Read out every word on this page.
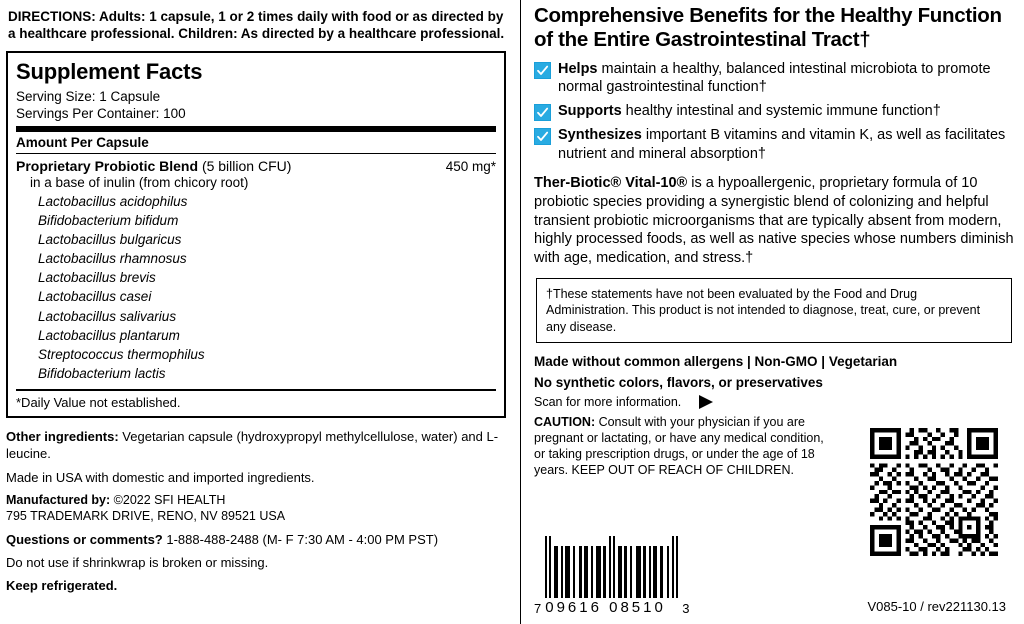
DIRECTIONS: Adults: 1 capsule, 1 or 2 times daily with food or as directed by a healthcare professional. Children: As directed by a healthcare professional.
Supplement Facts
Serving Size: 1 Capsule
Servings Per Container: 100
Amount Per Capsule
Proprietary Probiotic Blend (5 billion CFU)	450 mg*
in a base of inulin (from chicory root)
Lactobacillus acidophilus
Bifidobacterium bifidum
Lactobacillus bulgaricus
Lactobacillus rhamnosus
Lactobacillus brevis
Lactobacillus casei
Lactobacillus salivarius
Lactobacillus plantarum
Streptococcus thermophilus
Bifidobacterium lactis
*Daily Value not established.

Other ingredients: Vegetarian capsule (hydroxypropyl methylcellulose, water) and L-leucine.

Made in USA with domestic and imported ingredients.

Manufactured by: ©2022 SFI HEALTH

795 TRADEMARK DRIVE, RENO, NV 89521 USA

Questions or comments? 1-888-488-2488 (M- F 7:30 AM - 4:00 PM PST)

Do not use if shrinkwrap is broken or missing.

Keep refrigerated.

Comprehensive Benefits for the Healthy Function of the Entire Gastrointestinal Tract†
Helps maintain a healthy, balanced intestinal microbiota to promote normal gastrointestinal function†
Supports healthy intestinal and systemic immune function†
Synthesizes important B vitamins and vitamin K, as well as facilitates nutrient and mineral absorption†
Ther-Biotic® Vital-10® is a hypoallergenic, proprietary formula of 10 probiotic species providing a synergistic blend of colonizing and helpful transient probiotic microorganisms that are typically absent from modern, highly processed foods, as well as native species whose numbers diminish with age, medication, and stress.†
†These statements have not been evaluated by the Food and Drug Administration. This product is not intended to diagnose, treat, cure, or prevent any disease.
Made without common allergens | Non-GMO | Vegetarian
No synthetic colors, flavors, or preservatives
Scan for more information.
CAUTION: Consult with your physician if you are pregnant or lactating, or have any medical condition, or taking prescription drugs, or under the age of 18 years. KEEP OUT OF REACH OF CHILDREN.
7 09616 08510	3	V085-10 / rev221130.13
